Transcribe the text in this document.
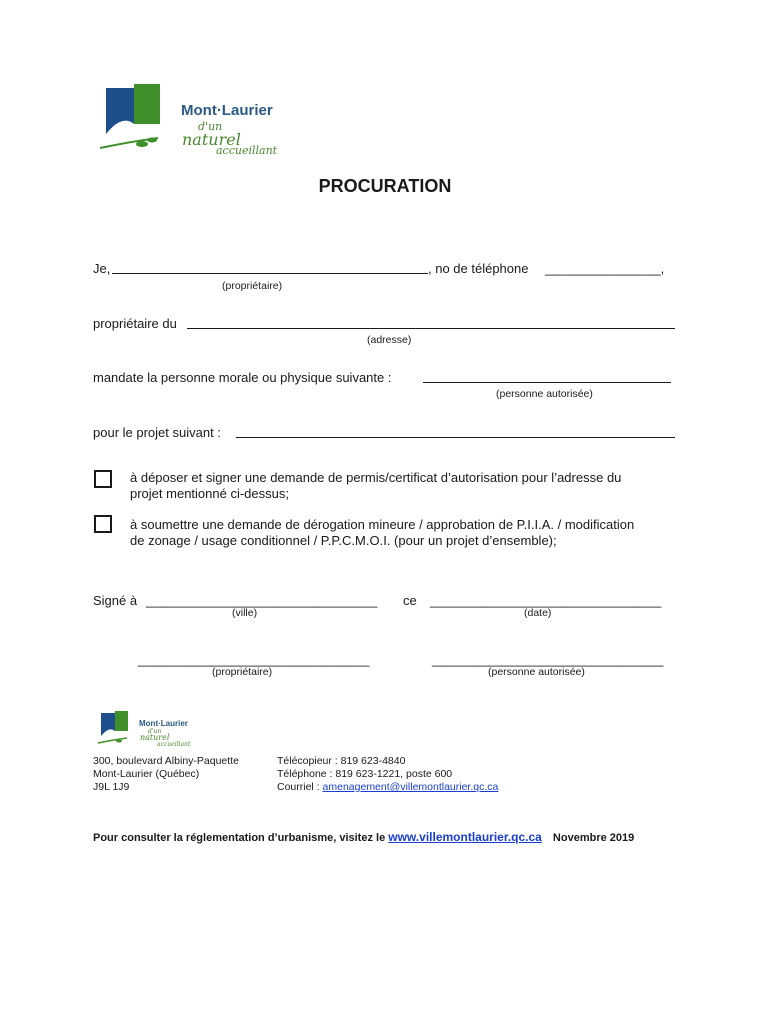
Mont·Laurier
d'un
naturel
accueillant
PROCURATION
Je,	, no de téléphone ________________,
(propriétaire)
propriétaire du
(adresse)
mandate la personne morale ou physique suivante :
(personne autorisée)
pour le projet suivant :
à déposer et signer une demande de permis/certificat d’autorisation pour l’adresse du
projet mentionné ci-dessus;
à soumettre une demande de dérogation mineure / approbation de P.I.I.A. / modification
de zonage / usage conditionnel / P.P.C.M.O.I. (pour un projet d’ensemble);
Signé à ________________________________ ce ________________________________
(ville)	(date)
________________________________	________________________________
(propriétaire)	(personne autorisée)
Mont·Laurier
d'un
naturel
accueillant
300, boulevard Albiny-Paquette
Mont-Laurier (Québec)
J9L 1J9
Télécopieur : 819 623-4840
Téléphone : 819 623-1221, poste 600
Courriel : amenagement@villemontlaurier.qc.ca
Pour consulter la réglementation d’urbanisme, visitez le www.villemontlaurier.qc.ca Novembre 2019
